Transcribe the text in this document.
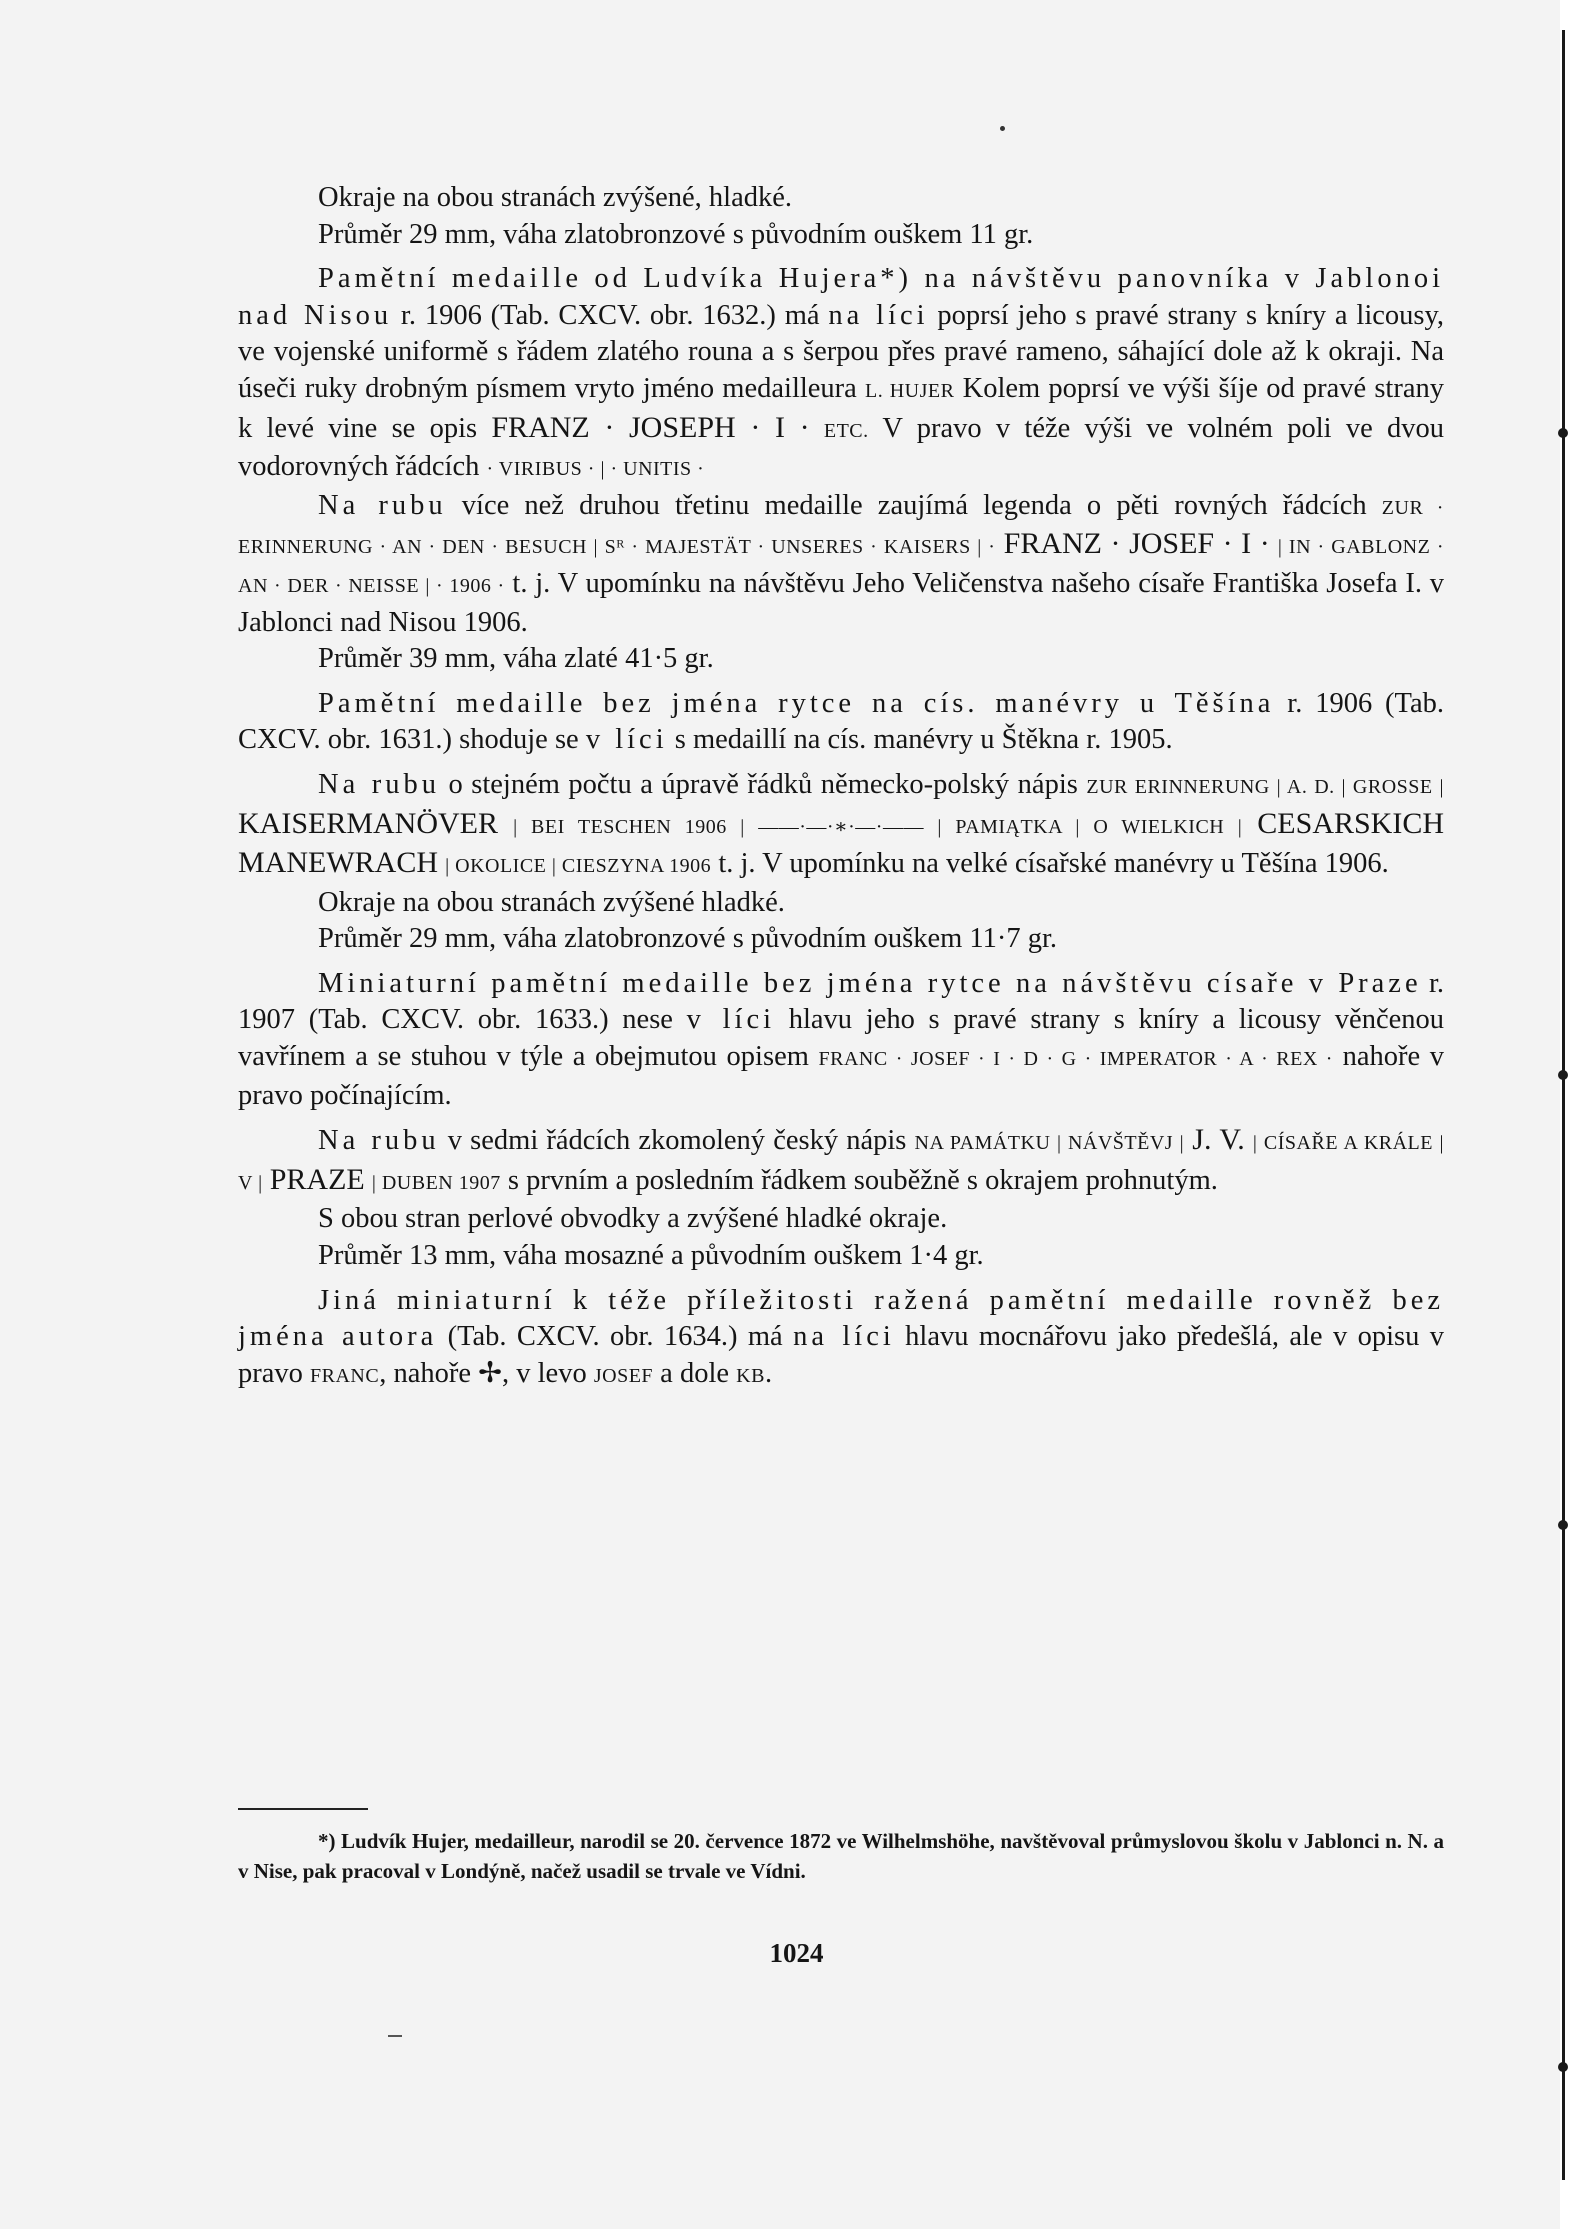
Okraje na obou stranách zvýšené, hladké.

Průměr 29 mm, váha zlatobronzové s původním ouškem 11 gr.

Pamětní medaille od Ludvíka Hujera*) na návštěvu panovníka v Jablonoi nad Nisou r. 1906 (Tab. CXCV. obr. 1632.) má na líci poprsí jeho s pravé strany s kníry a licousy, ve vojenské uniformě s řádem zlatého rouna a s šerpou přes pravé rameno, sáhající dole až k okraji. Na úseči ruky drobným písmem vryto jméno medailleura L. HUJER Kolem poprsí ve výši šíje od pravé strany k levé vine se opis FRANZ · JOSEPH · I · ETC. V pravo v téže výši ve volném poli ve dvou vodorovných řádcích · VIRIBUS · | · UNITIS ·

Na rubu více než druhou třetinu medaille zaujímá legenda o pěti rovných řádcích ZUR · ERINNERUNG · AN · DEN · BESUCH | Sᴿ · MAJESTÄT · UNSERES · KAISERS | · FRANZ · JOSEF · I · | IN · GABLONZ · AN · DER · NEISSE | · 1906 · t. j. V upomínku na návštěvu Jeho Veličenstva našeho císaře Františka Josefa I. v Jablonci nad Nisou 1906.

Průměr 39 mm, váha zlaté 41·5 gr.

Pamětní medaille bez jména rytce na cís. manévry u Těšína r. 1906 (Tab. CXCV. obr. 1631.) shoduje se v líci s medaillí na cís. manévry u Štěkna r. 1905.

Na rubu o stejném počtu a úpravě řádků německo-polský nápis ZUR ERINNERUNG | A. D. | GROSSE | KAISERMANÖVER | BEI TESCHEN 1906 | ——·—·∗·—·—— | PAMIĄTKA | O WIELKICH | CESARSKICH MANEWRACH | OKOLICE | CIESZYNA 1906 t. j. V upomínku na velké císařské manévry u Těšína 1906.

Okraje na obou stranách zvýšené hladké.

Průměr 29 mm, váha zlatobronzové s původním ouškem 11·7 gr.

Miniaturní pamětní medaille bez jména rytce na návštěvu císaře v Praze r. 1907 (Tab. CXCV. obr. 1633.) nese v líci hlavu jeho s pravé strany s kníry a licousy věnčenou vavřínem a se stuhou v týle a obejmutou opisem FRANC · JOSEF · I · D · G · IMPERATOR · A · REX · nahoře v pravo počínajícím.

Na rubu v sedmi řádcích zkomolený český nápis NA PAMÁTKU | NÁVŠTĚVJ | J. V. | CÍSAŘE A KRÁLE | V | PRAZE | DUBEN 1907 s prvním a posledním řádkem souběžně s okrajem prohnutým.

S obou stran perlové obvodky a zvýšené hladké okraje.

Průměr 13 mm, váha mosazné a původním ouškem 1·4 gr.

Jiná miniaturní k téže příležitosti ražená pamětní medaille rovněž bez jména autora (Tab. CXCV. obr. 1634.) má na líci hlavu mocnářovu jako předešlá, ale v opisu v pravo FRANC, nahoře ✢, v levo JOSEF a dole KB.

*) Ludvík Hujer, medailleur, narodil se 20. července 1872 ve Wilhelmshöhe, navštěvoval průmyslovou školu v Jablonci n. N. a v Nise, pak pracoval v Londýně, načež usadil se trvale ve Vídni.

1024
